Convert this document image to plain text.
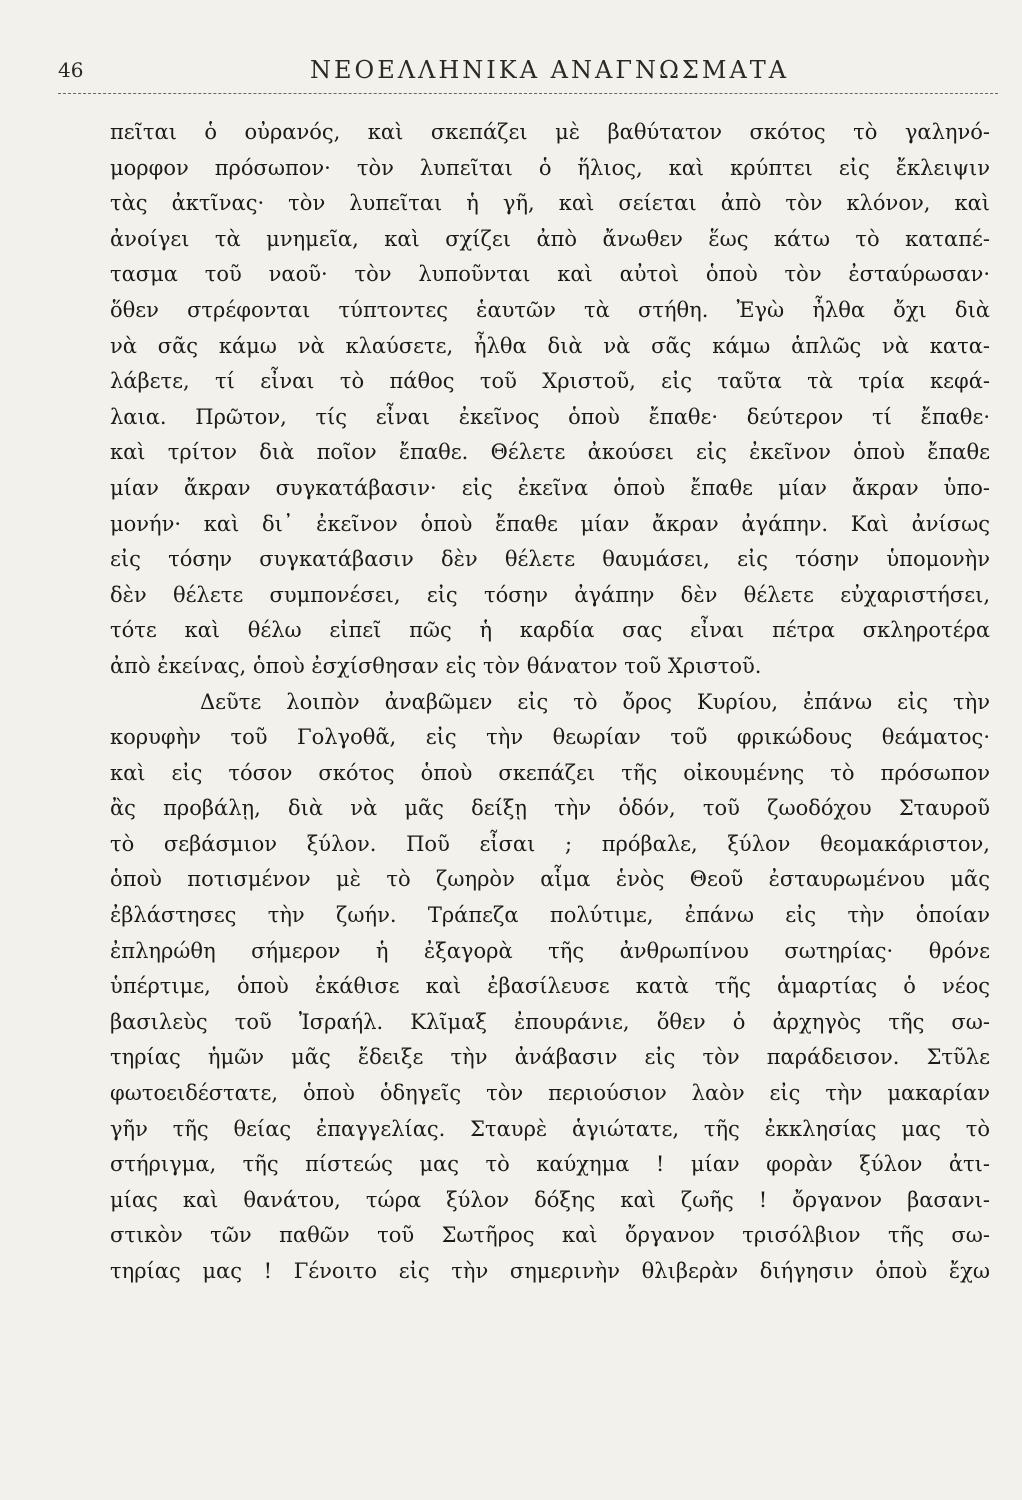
46	ΝΕΟΕΛΛΗΝΙΚΑ ΑΝΑΓΝΩΣΜΑΤΑ
πεῖται ὁ οὐρανός, καὶ σκεπάζει μὲ βαθύτατον σκότος τὸ γαληνό-
μορφον πρόσωπον· τὸν λυπεῖται ὁ ἥλιος, καὶ κρύπτει εἰς ἔκλειψιν
τὰς ἀκτῖνας· τὸν λυπεῖται ἡ γῆ, καὶ σείεται ἀπὸ τὸν κλόνον, καὶ
ἀνοίγει τὰ μνημεῖα, καὶ σχίζει ἀπὸ ἄνωθεν ἕως κάτω τὸ καταπέ-
τασμα τοῦ ναοῦ· τὸν λυποῦνται καὶ αὐτοὶ ὁποὺ τὸν ἐσταύρωσαν·
ὅθεν στρέφονται τύπτοντες ἑαυτῶν τὰ στήθη. Ἐγὼ ἦλθα ὄχι διὰ
νὰ σᾶς κάμω νὰ κλαύσετε, ἦλθα διὰ νὰ σᾶς κάμω ἁπλῶς νὰ κατα-
λάβετε, τί εἶναι τὸ πάθος τοῦ Χριστοῦ, εἰς ταῦτα τὰ τρία κεφά-
λαια. Πρῶτον, τίς εἶναι ἐκεῖνος ὁποὺ ἔπαθε· δεύτερον τί ἔπαθε·
καὶ τρίτον διὰ ποῖον ἔπαθε. Θέλετε ἀκούσει εἰς ἐκεῖνον ὁποὺ ἔπαθε
μίαν ἄκραν συγκατάβασιν· εἰς ἐκεῖνα ὁποὺ ἔπαθε μίαν ἄκραν ὑπο-
μονήν· καὶ δι᾽ ἐκεῖνον ὁποὺ ἔπαθε μίαν ἄκραν ἀγάπην. Καὶ ἀνίσως
εἰς τόσην συγκατάβασιν δὲν θέλετε θαυμάσει, εἰς τόσην ὑπομονὴν
δὲν θέλετε συμπονέσει, εἰς τόσην ἀγάπην δὲν θέλετε εὐχαριστήσει,
τότε καὶ θέλω εἰπεῖ πῶς ἡ καρδία σας εἶναι πέτρα σκληροτέρα
ἀπὸ ἐκείνας, ὁποὺ ἐσχίσθησαν εἰς τὸν θάνατον τοῦ Χριστοῦ.
Δεῦτε λοιπὸν ἀναβῶμεν εἰς τὸ ὄρος Κυρίου, ἐπάνω εἰς τὴν
κορυφὴν τοῦ Γολγοθᾶ, εἰς τὴν θεωρίαν τοῦ φρικώδους θεάματος·
καὶ εἰς τόσον σκότος ὁποὺ σκεπάζει τῆς οἰκουμένης τὸ πρόσωπον
ἂς προβάλῃ, διὰ νὰ μᾶς δείξῃ τὴν ὁδόν, τοῦ ζωοδόχου Σταυροῦ
τὸ σεβάσμιον ξύλον. Ποῦ εἶσαι ; πρόβαλε, ξύλον θεομακάριστον,
ὁποὺ ποτισμένον μὲ τὸ ζωηρὸν αἷμα ἑνὸς Θεοῦ ἐσταυρωμένου μᾶς
ἐβλάστησες τὴν ζωήν. Τράπεζα πολύτιμε, ἐπάνω εἰς τὴν ὁποίαν
ἐπληρώθη σήμερον ἡ ἐξαγορὰ τῆς ἀνθρωπίνου σωτηρίας· θρόνε
ὑπέρτιμε, ὁποὺ ἐκάθισε καὶ ἐβασίλευσε κατὰ τῆς ἁμαρτίας ὁ νέος
βασιλεὺς τοῦ Ἰσραήλ. Κλῖμαξ ἐπουράνιε, ὅθεν ὁ ἀρχηγὸς τῆς σω-
τηρίας ἡμῶν μᾶς ἔδειξε τὴν ἀνάβασιν εἰς τὸν παράδεισον. Στῦλε
φωτοειδέστατε, ὁποὺ ὁδηγεῖς τὸν περιούσιον λαὸν εἰς τὴν μακαρίαν
γῆν τῆς θείας ἐπαγγελίας. Σταυρὲ ἁγιώτατε, τῆς ἐκκλησίας μας τὸ
στήριγμα, τῆς πίστεώς μας τὸ καύχημα ! μίαν φορὰν ξύλον ἀτι-
μίας καὶ θανάτου, τώρα ξύλον δόξης καὶ ζωῆς ! ὄργανον βασανι-
στικὸν τῶν παθῶν τοῦ Σωτῆρος καὶ ὄργανον τρισόλβιον τῆς σω-
τηρίας μας ! Γένοιτο εἰς τὴν σημερινὴν θλιβερὰν διήγησιν ὁποὺ ἔχω
